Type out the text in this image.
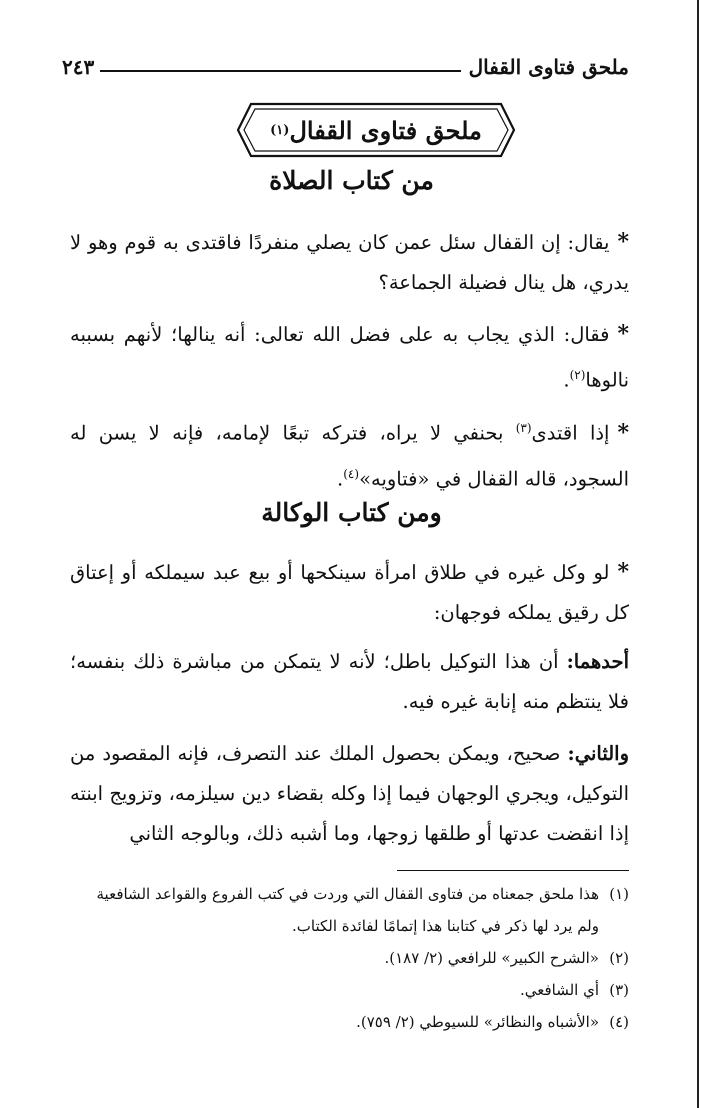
ملحق فتاوى القفال
٢٤٣
ملحق فتاوى القفال
(١)
من كتاب الصلاة
*يقال: إن القفال سئل عمن كان يصلي منفردًا فاقتدى به قوم وهو لا يدري، هل ينال فضيلة الجماعة؟
*فقال: الذي يجاب به على فضل الله تعالى: أنه ينالها؛ لأنهم بسببه نالوها$^{(٢)}$.
*إذا اقتدى$^{(٣)}$ بحنفي لا يراه، فتركه تبعًا لإمامه، فإنه لا يسن له السجود، قاله القفال في «فتاويه»$^{(٤)}$.
ومن كتاب الوكالة
*لو وكل غيره في طلاق امرأة سينكحها أو بيع عبد سيملكه أو إعتاق كل رقيق يملكه فوجهان:
أحدهما: أن هذا التوكيل باطل؛ لأنه لا يتمكن من مباشرة ذلك بنفسه؛ فلا ينتظم منه إنابة غيره فيه.
والثاني: صحيح، ويمكن بحصول الملك عند التصرف، فإنه المقصود من التوكيل، ويجري الوجهان فيما إذا وكله بقضاء دين سيلزمه، وتزويج ابنته إذا انقضت عدتها أو طلقها زوجها، وما أشبه ذلك، وبالوجه الثاني
(١)
هذا ملحق جمعناه من فتاوى القفال التي وردت في كتب الفروع والقواعد الشافعية ولم يرد لها ذكر في كتابنا هذا إتمامًا لفائدة الكتاب.
(٢)
«الشرح الكبير» للرافعي (٢/ ١٨٧).
(٣)
أي الشافعي.
(٤)
«الأشباه والنظائر» للسيوطي (٢/ ٧٥٩).
